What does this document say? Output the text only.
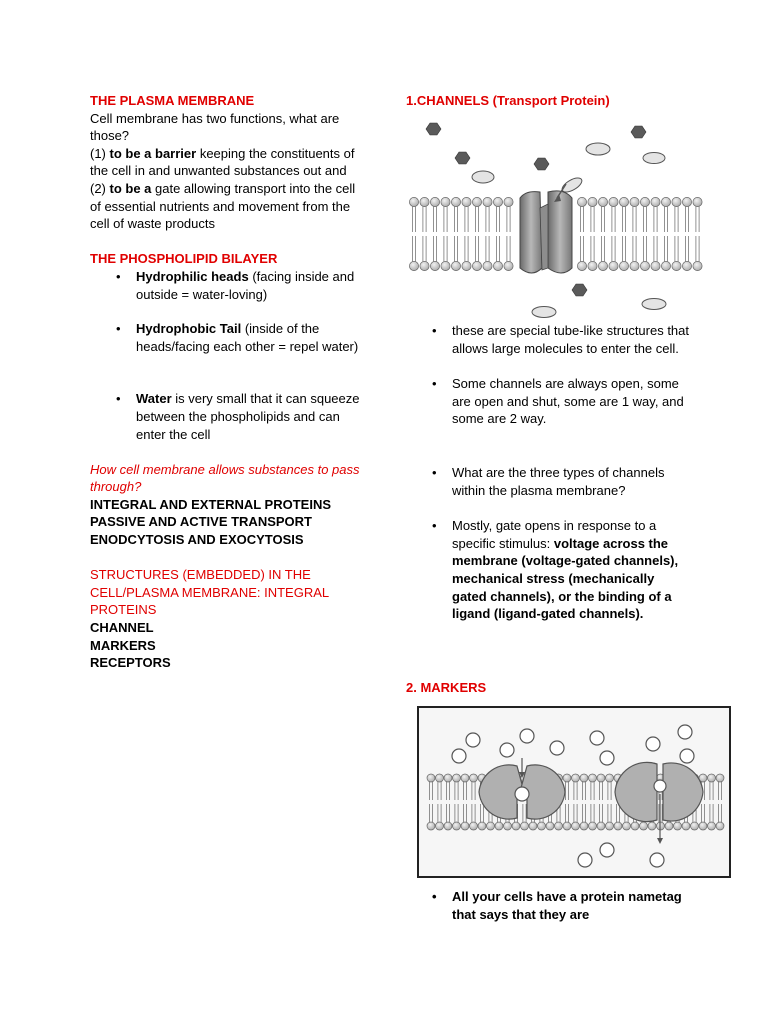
THE PLASMA MEMBRANE

Cell membrane has two functions, what are those?

(1) to be a barrier keeping the constituents of the cell in and unwanted substances out and

(2) to be a gate allowing transport into the cell of essential nutrients and movement from the cell of waste products

THE PHOSPHOLIPID BILAYER

• Hydrophilic heads (facing inside and outside = water-loving)
• Hydrophobic Tail (inside of the heads/facing each other = repel water)
• Water is very small that it can squeeze between the phospholipids and can enter the cell

How cell membrane allows substances to pass through?

INTEGRAL AND EXTERNAL PROTEINS

PASSIVE AND ACTIVE TRANSPORT

ENODCYTOSIS AND EXOCYTOSIS

STRUCTURES (EMBEDDED) IN THE CELL/PLASMA MEMBRANE: INTEGRAL PROTEINS

CHANNEL

MARKERS

RECEPTORS

1.CHANNELS (Transport Protein)

• these are special tube-like structures that allows large molecules to enter the cell.
• Some channels are always open, some are open and shut, some are 1 way, and some are 2 way.
• What are the three types of channels within the plasma membrane?
• Mostly, gate opens in response to a specific stimulus: voltage across the membrane (voltage-gated channels), mechanical stress (mechanically gated channels), or the binding of a ligand (ligand-gated channels).

2. MARKERS

• All your cells have a protein nametag that says that they are
